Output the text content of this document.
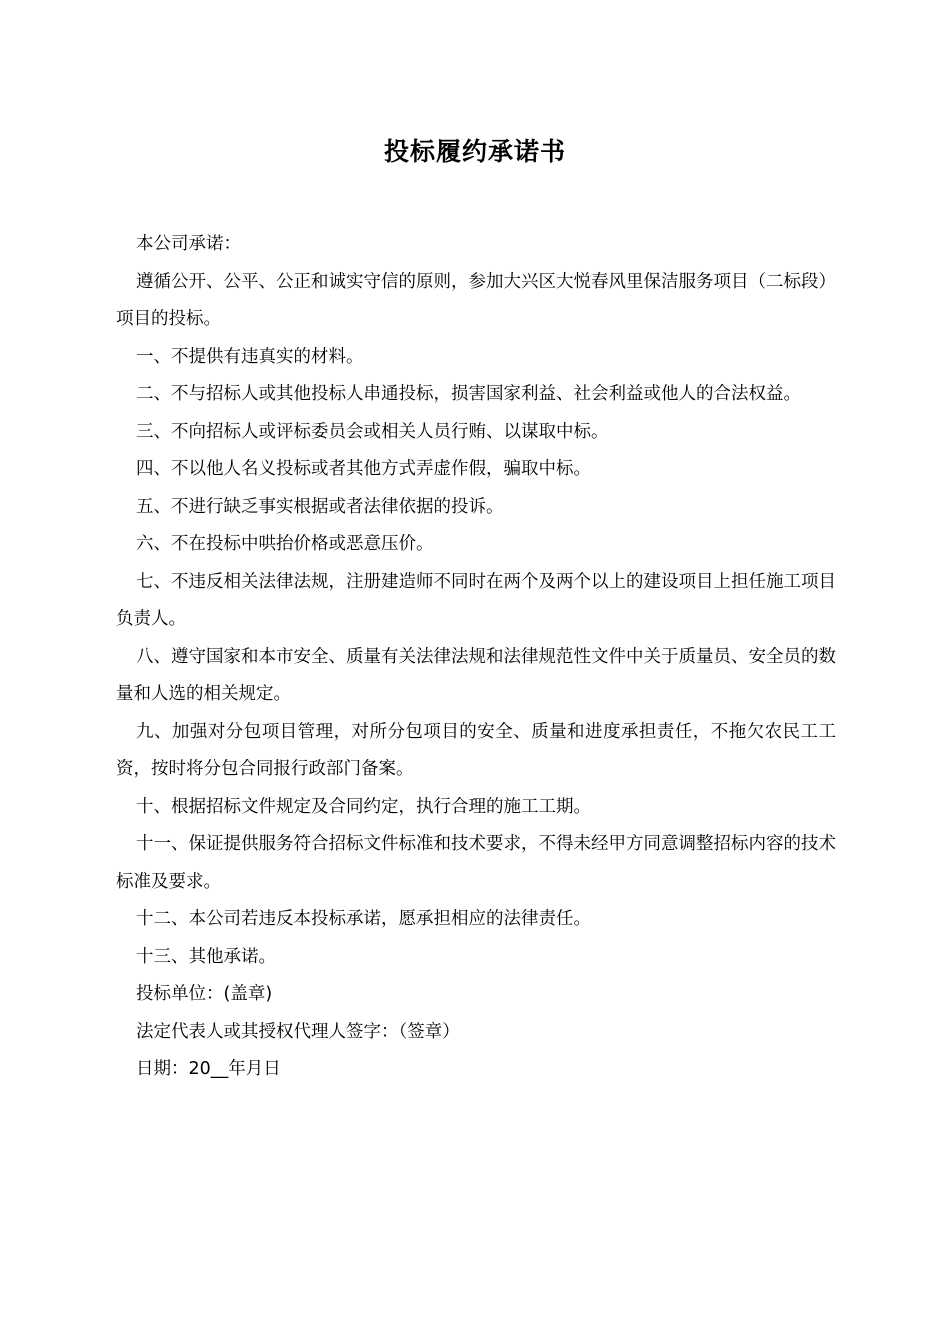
投标履约承诺书

本公司承诺：

遵循公开、公平、公正和诚实守信的原则，参加大兴区大悦春风里保洁服务项目（二标段）项目的投标。

一、不提供有违真实的材料。

二、不与招标人或其他投标人串通投标，损害国家利益、社会利益或他人的合法权益。

三、不向招标人或评标委员会或相关人员行贿、以谋取中标。

四、不以他人名义投标或者其他方式弄虚作假，骗取中标。

五、不进行缺乏事实根据或者法律依据的投诉。

六、不在投标中哄抬价格或恶意压价。

七、不违反相关法律法规，注册建造师不同时在两个及两个以上的建设项目上担任施工项目负责人。

八、遵守国家和本市安全、质量有关法律法规和法律规范性文件中关于质量员、安全员的数量和人选的相关规定。

九、加强对分包项目管理，对所分包项目的安全、质量和进度承担责任，不拖欠农民工工资，按时将分包合同报行政部门备案。

十、根据招标文件规定及合同约定，执行合理的施工工期。

十一、保证提供服务符合招标文件标准和技术要求，不得未经甲方同意调整招标内容的技术标准及要求。

十二、本公司若违反本投标承诺，愿承担相应的法律责任。

十三、其他承诺。

投标单位：(盖章)

法定代表人或其授权代理人签字：（签章）

日期：20__年月日
